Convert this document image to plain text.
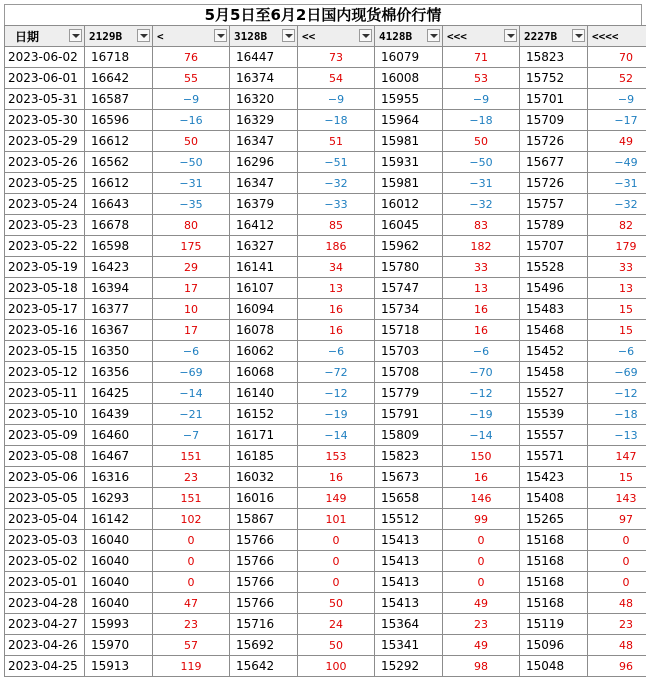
5月5日至6月2日国内现货棉价行情
日期	2129B	<	3128B	<<	4128B	<<<	2227B	<<<<

2023-06-02	16718	76	16447	73	16079	71	15823	70
2023-06-01	16642	55	16374	54	16008	53	15752	52
2023-05-31	16587	−9	16320	−9	15955	−9	15701	−9
2023-05-30	16596	−16	16329	−18	15964	−18	15709	−17
2023-05-29	16612	50	16347	51	15981	50	15726	49
2023-05-26	16562	−50	16296	−51	15931	−50	15677	−49
2023-05-25	16612	−31	16347	−32	15981	−31	15726	−31
2023-05-24	16643	−35	16379	−33	16012	−32	15757	−32
2023-05-23	16678	80	16412	85	16045	83	15789	82
2023-05-22	16598	175	16327	186	15962	182	15707	179
2023-05-19	16423	29	16141	34	15780	33	15528	33
2023-05-18	16394	17	16107	13	15747	13	15496	13
2023-05-17	16377	10	16094	16	15734	16	15483	15
2023-05-16	16367	17	16078	16	15718	16	15468	15
2023-05-15	16350	−6	16062	−6	15703	−6	15452	−6
2023-05-12	16356	−69	16068	−72	15708	−70	15458	−69
2023-05-11	16425	−14	16140	−12	15779	−12	15527	−12
2023-05-10	16439	−21	16152	−19	15791	−19	15539	−18
2023-05-09	16460	−7	16171	−14	15809	−14	15557	−13
2023-05-08	16467	151	16185	153	15823	150	15571	147
2023-05-06	16316	23	16032	16	15673	16	15423	15
2023-05-05	16293	151	16016	149	15658	146	15408	143
2023-05-04	16142	102	15867	101	15512	99	15265	97
2023-05-03	16040	0	15766	0	15413	0	15168	0
2023-05-02	16040	0	15766	0	15413	0	15168	0
2023-05-01	16040	0	15766	0	15413	0	15168	0
2023-04-28	16040	47	15766	50	15413	49	15168	48
2023-04-27	15993	23	15716	24	15364	23	15119	23
2023-04-26	15970	57	15692	50	15341	49	15096	48
2023-04-25	15913	119	15642	100	15292	98	15048	96
